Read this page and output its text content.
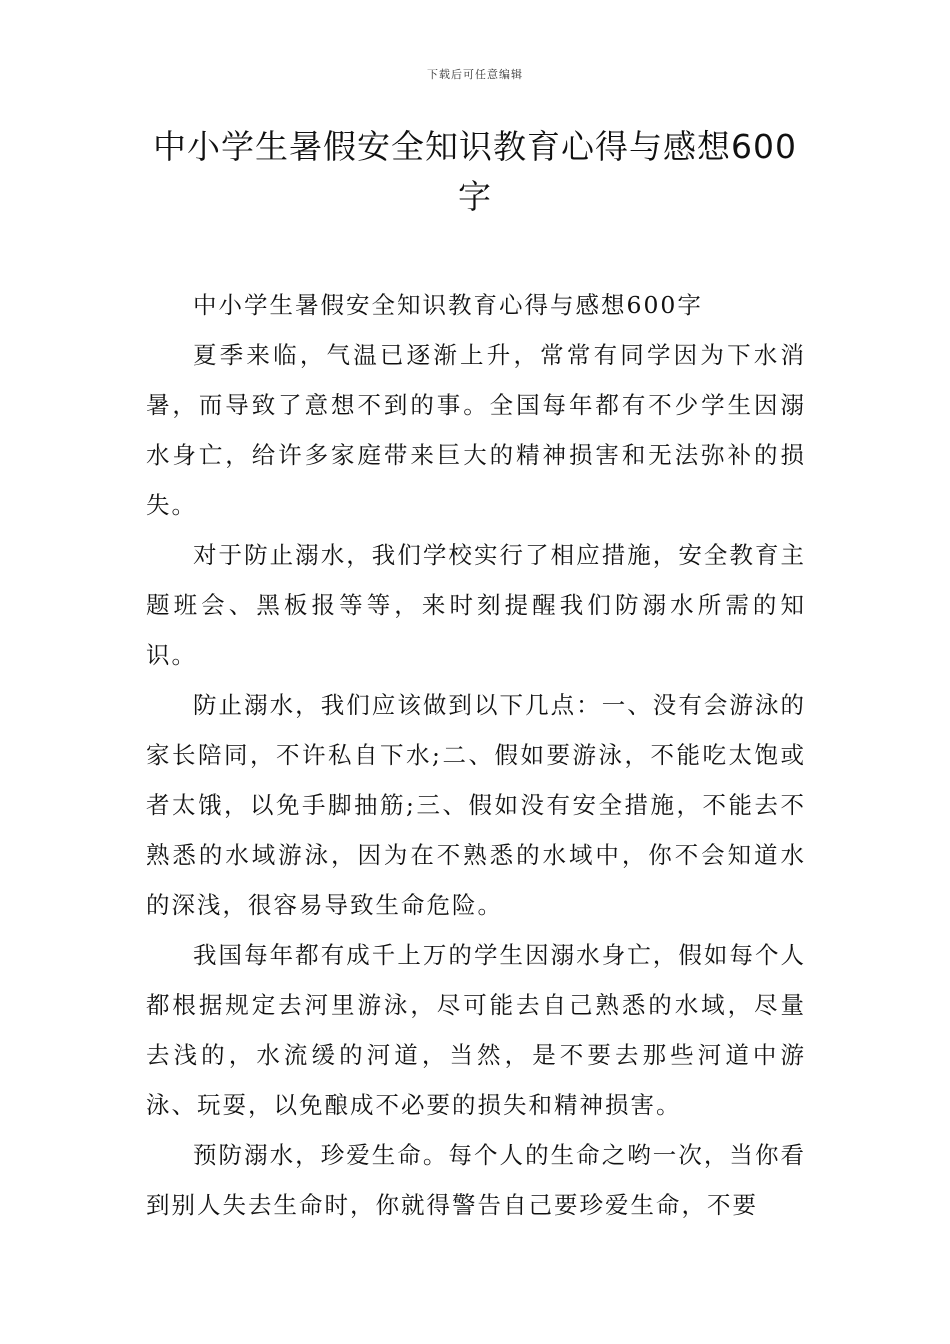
下载后可任意编辑
中小学生暑假安全知识教育心得与感想600字

中小学生暑假安全知识教育心得与感想600字

夏季来临，气温已逐渐上升，常常有同学因为下水消暑，而导致了意想不到的事。全国每年都有不少学生因溺水身亡，给许多家庭带来巨大的精神损害和无法弥补的损失。

对于防止溺水，我们学校实行了相应措施，安全教育主题班会、黑板报等等，来时刻提醒我们防溺水所需的知识。

防止溺水，我们应该做到以下几点：一、没有会游泳的家长陪同，不许私自下水;二、假如要游泳，不能吃太饱或者太饿，以免手脚抽筋;三、假如没有安全措施，不能去不熟悉的水域游泳，因为在不熟悉的水域中，你不会知道水的深浅，很容易导致生命危险。

我国每年都有成千上万的学生因溺水身亡，假如每个人都根据规定去河里游泳，尽可能去自己熟悉的水域，尽量去浅的，水流缓的河道，当然，是不要去那些河道中游泳、玩耍，以免酿成不必要的损失和精神损害。

预防溺水，珍爱生命。每个人的生命之哟一次，当你看到别人失去生命时，你就得警告自己要珍爱生命，不要
